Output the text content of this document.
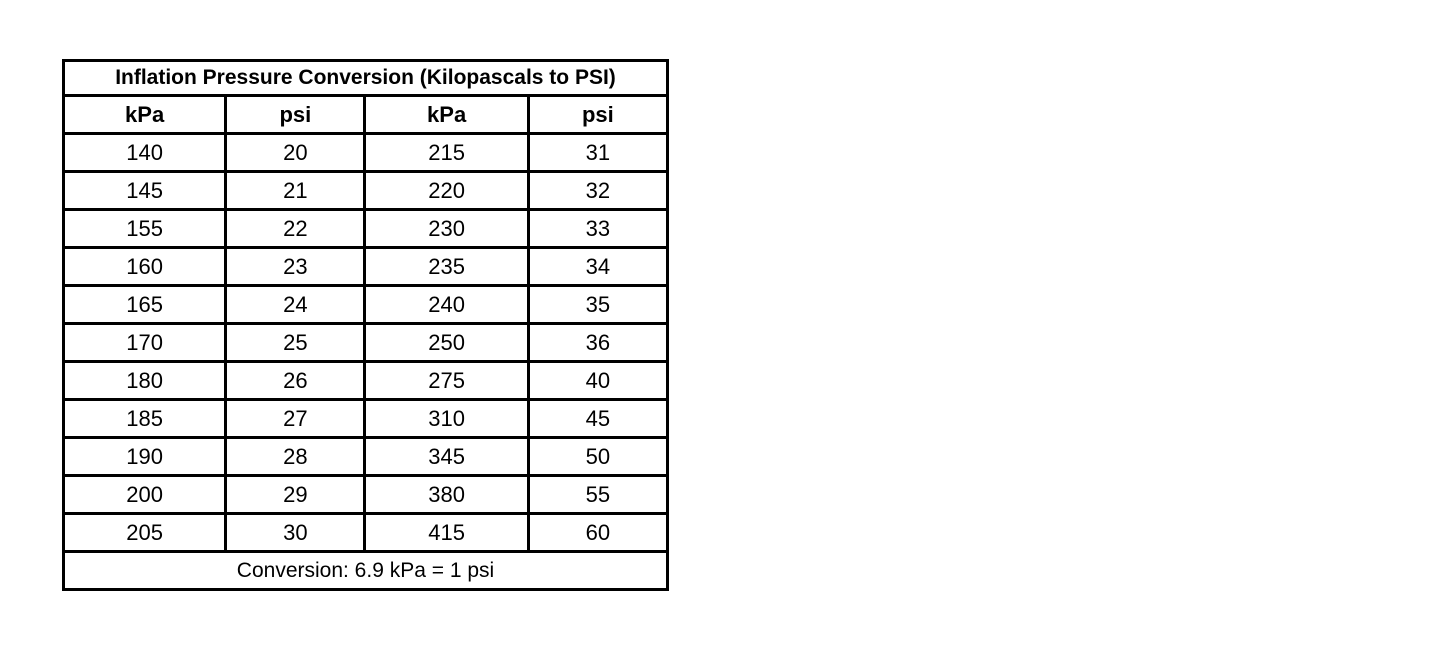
Inflation Pressure Conversion (Kilopascals to PSI)			
kPa	psi	kPa	psi
140	20	215	31
145	21	220	32
155	22	230	33
160	23	235	34
165	24	240	35
170	25	250	36
180	26	275	40
185	27	310	45
190	28	345	50
200	29	380	55
205	30	415	60
Conversion: 6.9 kPa = 1 psi			
